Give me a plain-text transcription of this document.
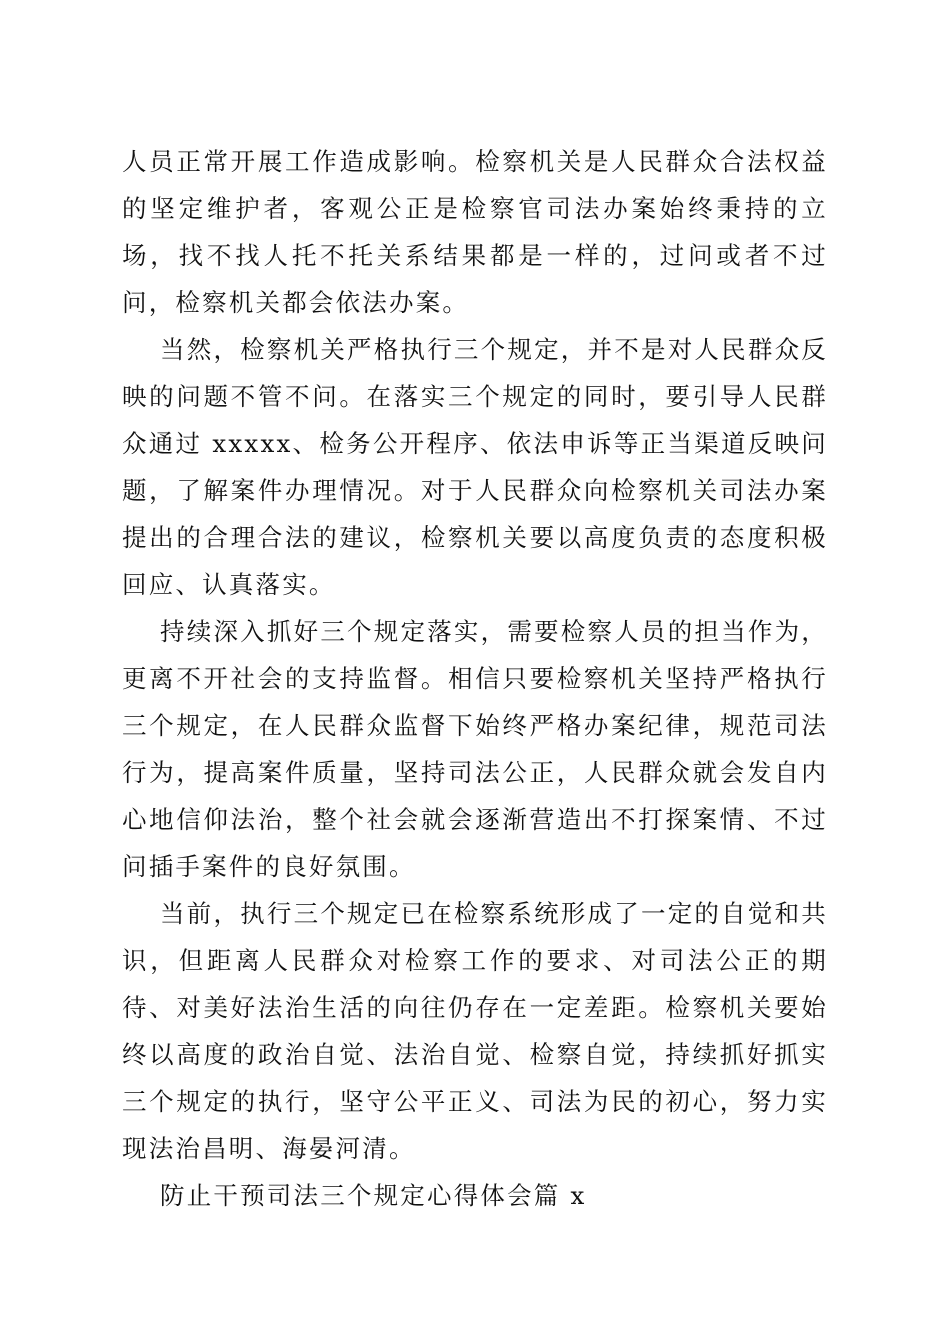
人员正常开展工作造成影响。检察机关是人民群众合法权益的坚定维护者，客观公正是检察官司法办案始终秉持的立场，找不找人托不托关系结果都是一样的，过问或者不过问，检察机关都会依法办案。

当然，检察机关严格执行三个规定，并不是对人民群众反映的问题不管不问。在落实三个规定的同时，要引导人民群众通过 xxxxx、检务公开程序、依法申诉等正当渠道反映问题，了解案件办理情况。对于人民群众向检察机关司法办案提出的合理合法的建议，检察机关要以高度负责的态度积极回应、认真落实。

持续深入抓好三个规定落实，需要检察人员的担当作为，更离不开社会的支持监督。相信只要检察机关坚持严格执行三个规定，在人民群众监督下始终严格办案纪律，规范司法行为，提高案件质量，坚持司法公正，人民群众就会发自内心地信仰法治，整个社会就会逐渐营造出不打探案情、不过问插手案件的良好氛围。

当前，执行三个规定已在检察系统形成了一定的自觉和共识，但距离人民群众对检察工作的要求、对司法公正的期待、对美好法治生活的向往仍存在一定差距。检察机关要始终以高度的政治自觉、法治自觉、检察自觉，持续抓好抓实三个规定的执行，坚守公平正义、司法为民的初心，努力实现法治昌明、海晏河清。

防止干预司法三个规定心得体会篇 x
